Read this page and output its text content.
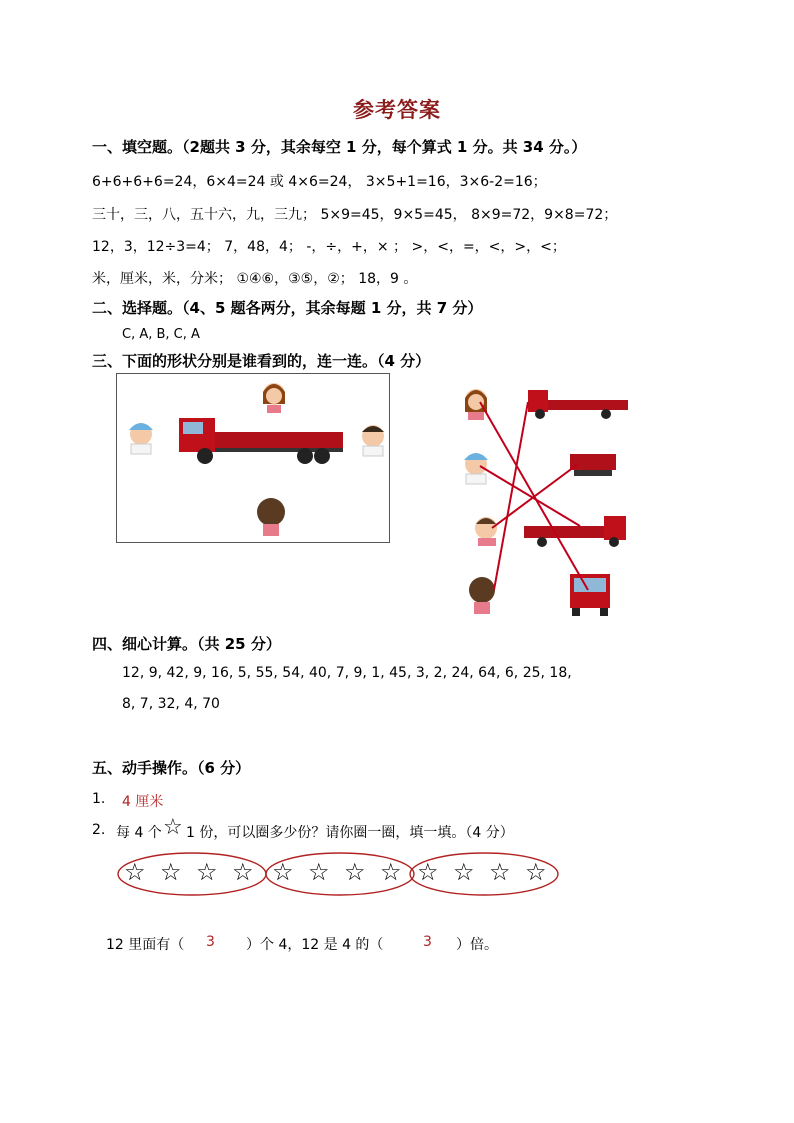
参考答案
一、填空题。（2题共 3 分，其余每空 1 分，每个算式 1 分。共 34 分。）
6+6+6+6=24，6×4=24 或 4×6=24， 3×5+1=16，3×6-2=16；
三十，三，八，五十六，九，三九； 5×9=45，9×5=45， 8×9=72，9×8=72；
12，3，12÷3=4； 7，48，4； -，÷，+，× ； >，<，=，<，>，<；
米，厘米，米，分米； ①④⑥，③⑤，②； 18，9 。
二、选择题。（4、5 题各两分，其余每题 1 分，共 7 分）
C, A, B, C, A
三、下面的形状分别是谁看到的，连一连。（4 分）
四、细心计算。（共 25 分）
12, 9, 42, 9, 16, 5, 55, 54, 40, 7, 9, 1, 45, 3, 2, 24, 64, 6, 25, 18,
8, 7, 32, 4, 70
五、动手操作。（6 分）
1. 4 厘米
2. 每 4 个 ☆ 1 份，可以圈多少份？请你圈一圈，填一填。（4 分）
☆ ☆ ☆ ☆ ☆ ☆ ☆ ☆ ☆ ☆ ☆ ☆
12 里面有（ 3 ）个 4，12 是 4 的（	3 ）倍。
